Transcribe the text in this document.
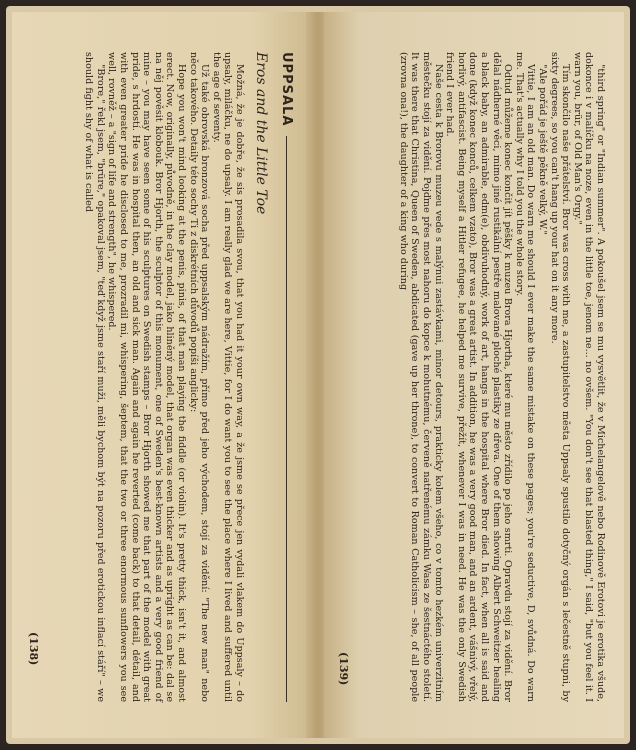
UPPSALA
Eros and the Little Toe

Možná, že je dobře, že sis prosadila svou, that you had it your own way, a že jsme se přece jen vydali vlakem do Uppsaly – do upsaly, miláčku, ne do upsaly. I am really glad we are here, Vittie, for I do want you to see the place where I lived and suffered until the age of seventy.

Už také obrovská bronzová socha před uppsalským nádražím, přímo před jeho východem, stojí za vidění: "The new man" nebo něco takového. Detaily této sochy Ti z diskrétních důvodů popíši anglicky:

Hope you won't mind looking at the penis, pinis, of that man playing the fiddle (or violin). It's pretty thick, isn't it, and almost erect. Now, originally, původně, in the clay model, jako hliněný model, that organ was even thicker and as upright as can be: dal se na něj pověsit klobouk. Bror Hjorth, the sculptor of this monument, one of Sweden's best-known artists and a very good friend of mine – you may have seen some of his sculptures on Swedish stamps – Bror Hjorth showed me that part of the model with great pride, s hrdostí. He was in hospital then, an old and sick man. Again and again he reverted (come back) to that detail, détail, and with even greater pride he disclosed to me, prozradil mi, whispering, šeptem, that the two or three enormous sunflowers you see well, rovněž – a "sign of life and strength", he whispered.

"Brore," řekl jsem, "brüre," opakoval jsem, "teď když jsme staří muži, měli bychom být na pozoru před erotickou inflací stáří" – we should fight shy of what is called

(138)	"third spring" or "Indian summer". A pokoušel jsem se mu vysvětlit, že v Michelangelově nebo Rodinově Erotovi je erotika všude, dokonce i v malíčku na noze, even in the little toe, jenom ne... no ovšem. "You don't see that blasted thing," I said, "but you feel it. I warn you, brür, of Old Man's Orgy."

Tím skončilo naše přátelství. Bror was cross with me, a zastupitelstvo města Uppsaly spustilo dotyčný orgán s lečestně stupni, by sixty degrees, so you can't hang up your hat on it any more.

"Ale pořád je ještě pěkně velký, W."

Vittie, I am an old man. Do warn me should I ever make the same mistake on these pages; you're seductive, D, svůdná. Do warn me. That's actually why I told you the whole story.

Odtud můžeme konec končit jít pěšky k muzeu Brora Hjortha, které mu město zřídilo po jeho smrti. Opravdu stojí za vidění. Bror dělal nádherné věci, mimo jiné rustikální pestře malované ploché plastiky ze dřeva. One of them showing Albert Schweitzer healing a black baby, an admirable, edm(e), obdivuhodný, work of art, hangs in the hospital where Bror died. In fact, when all is said and done (když konec konců, celkem vzato), Bror was a great artist. In addition, he was a very good man, and an ardent, vášnivý, vřelý, horlivý, antifascist. Being myself a Hitler refugee, he helped me survive, přežít, whenever I was in need. He was the only Swedish friend I ever had.

Naše cesta k Brorovu muzeu vede s malýnui zastávkami, minor detours, prakticky kolem všeho, co v tomto hezkém univerzitním městečku stojí za vidění. Pojďme přes most nahoru do kopce k mohutnému, červeně natřenému zámku Wasa ze šestnáctého století. It was there that Christina, Queen of Sweden, abdicated (gave up her throne), to convert to Roman Catholicism – she, of all people (zrovna ona!), the daughter of a king who during

(139)
